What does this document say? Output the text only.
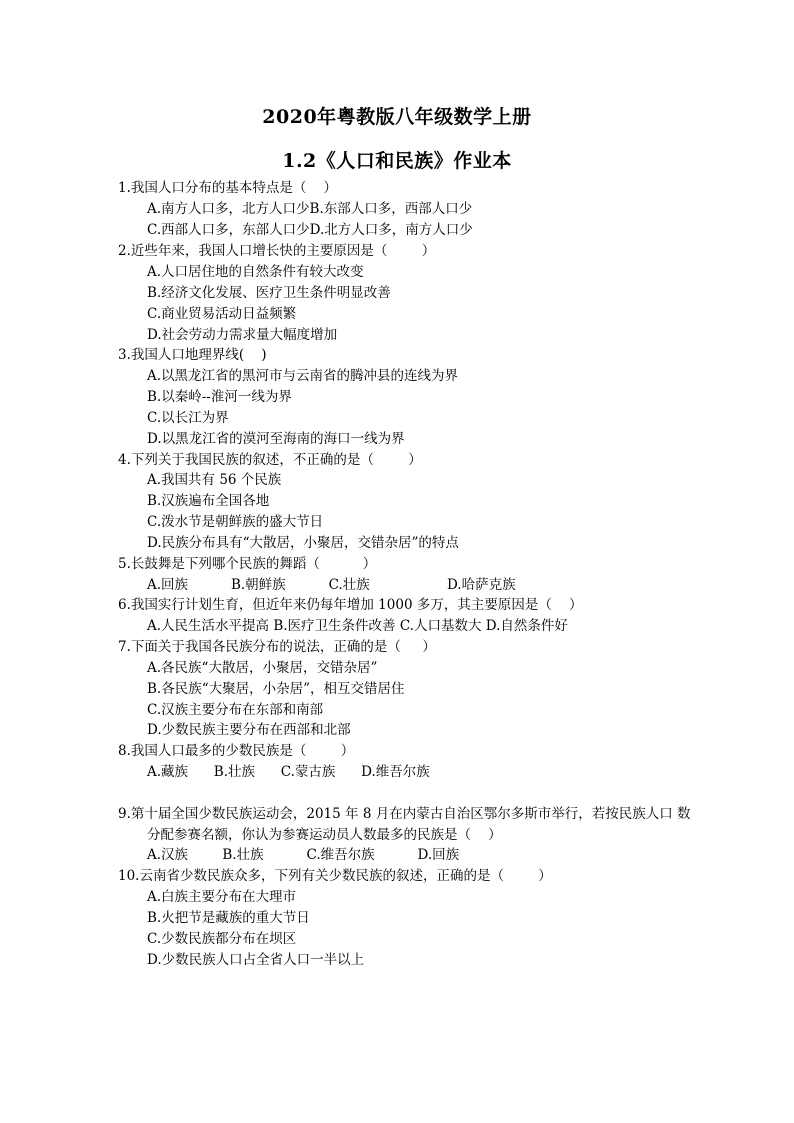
2020年粤教版八年级数学上册
1.2《人口和民族》作业本
1.我国人口分布的基本特点是（    ）
A.南方人口多，北方人口少B.东部人口多，西部人口少
C.西部人口多，东部人口少D.北方人口多，南方人口少
2.近些年来，我国人口增长快的主要原因是（        ）
A.人口居住地的自然条件有较大改变
B.经济文化发展、医疗卫生条件明显改善
C.商业贸易活动日益频繁
D.社会劳动力需求量大幅度增加
3.我国人口地理界线(    )
A.以黑龙江省的黑河市与云南省的腾冲县的连线为界
B.以秦岭--淮河一线为界
C.以长江为界
D.以黑龙江省的漠河至海南的海口一线为界
4.下列关于我国民族的叙述，不正确的是（        ）
A.我国共有 56 个民族
B.汉族遍布全国各地
C.泼水节是朝鲜族的盛大节日
D.民族分布具有“大散居，小聚居，交错杂居”的特点
5.长鼓舞是下列哪个民族的舞蹈（          ）
A.回族          B.朝鲜族          C.壮族                  D.哈萨克族
6.我国实行计划生育，但近年来仍每年增加 1000 多万，其主要原因是（    ）
A.人民生活水平提高 B.医疗卫生条件改善 C.人口基数大 D.自然条件好
7.下面关于我国各民族分布的说法，正确的是（     ）
A.各民族“大散居，小聚居，交错杂居”
B.各民族“大聚居，小杂居”，相互交错居住
C.汉族主要分布在东部和南部
D.少数民族主要分布在西部和北部
8.我国人口最多的少数民族是（        ）
A.藏族      B.壮族      C.蒙古族      D.维吾尔族
9.第十届全国少数民族运动会，2015 年 8 月在内蒙古自治区鄂尔多斯市举行，若按民族人口 数
分配参赛名额，你认为参赛运动员人数最多的民族是（    ）
A.汉族        B.壮族          C.维吾尔族          D.回族
10.云南省少数民族众多，下列有关少数民族的叙述，正确的是（        ）
A.白族主要分布在大理市
B.火把节是藏族的重大节日
C.少数民族都分布在坝区
D.少数民族人口占全省人口一半以上
